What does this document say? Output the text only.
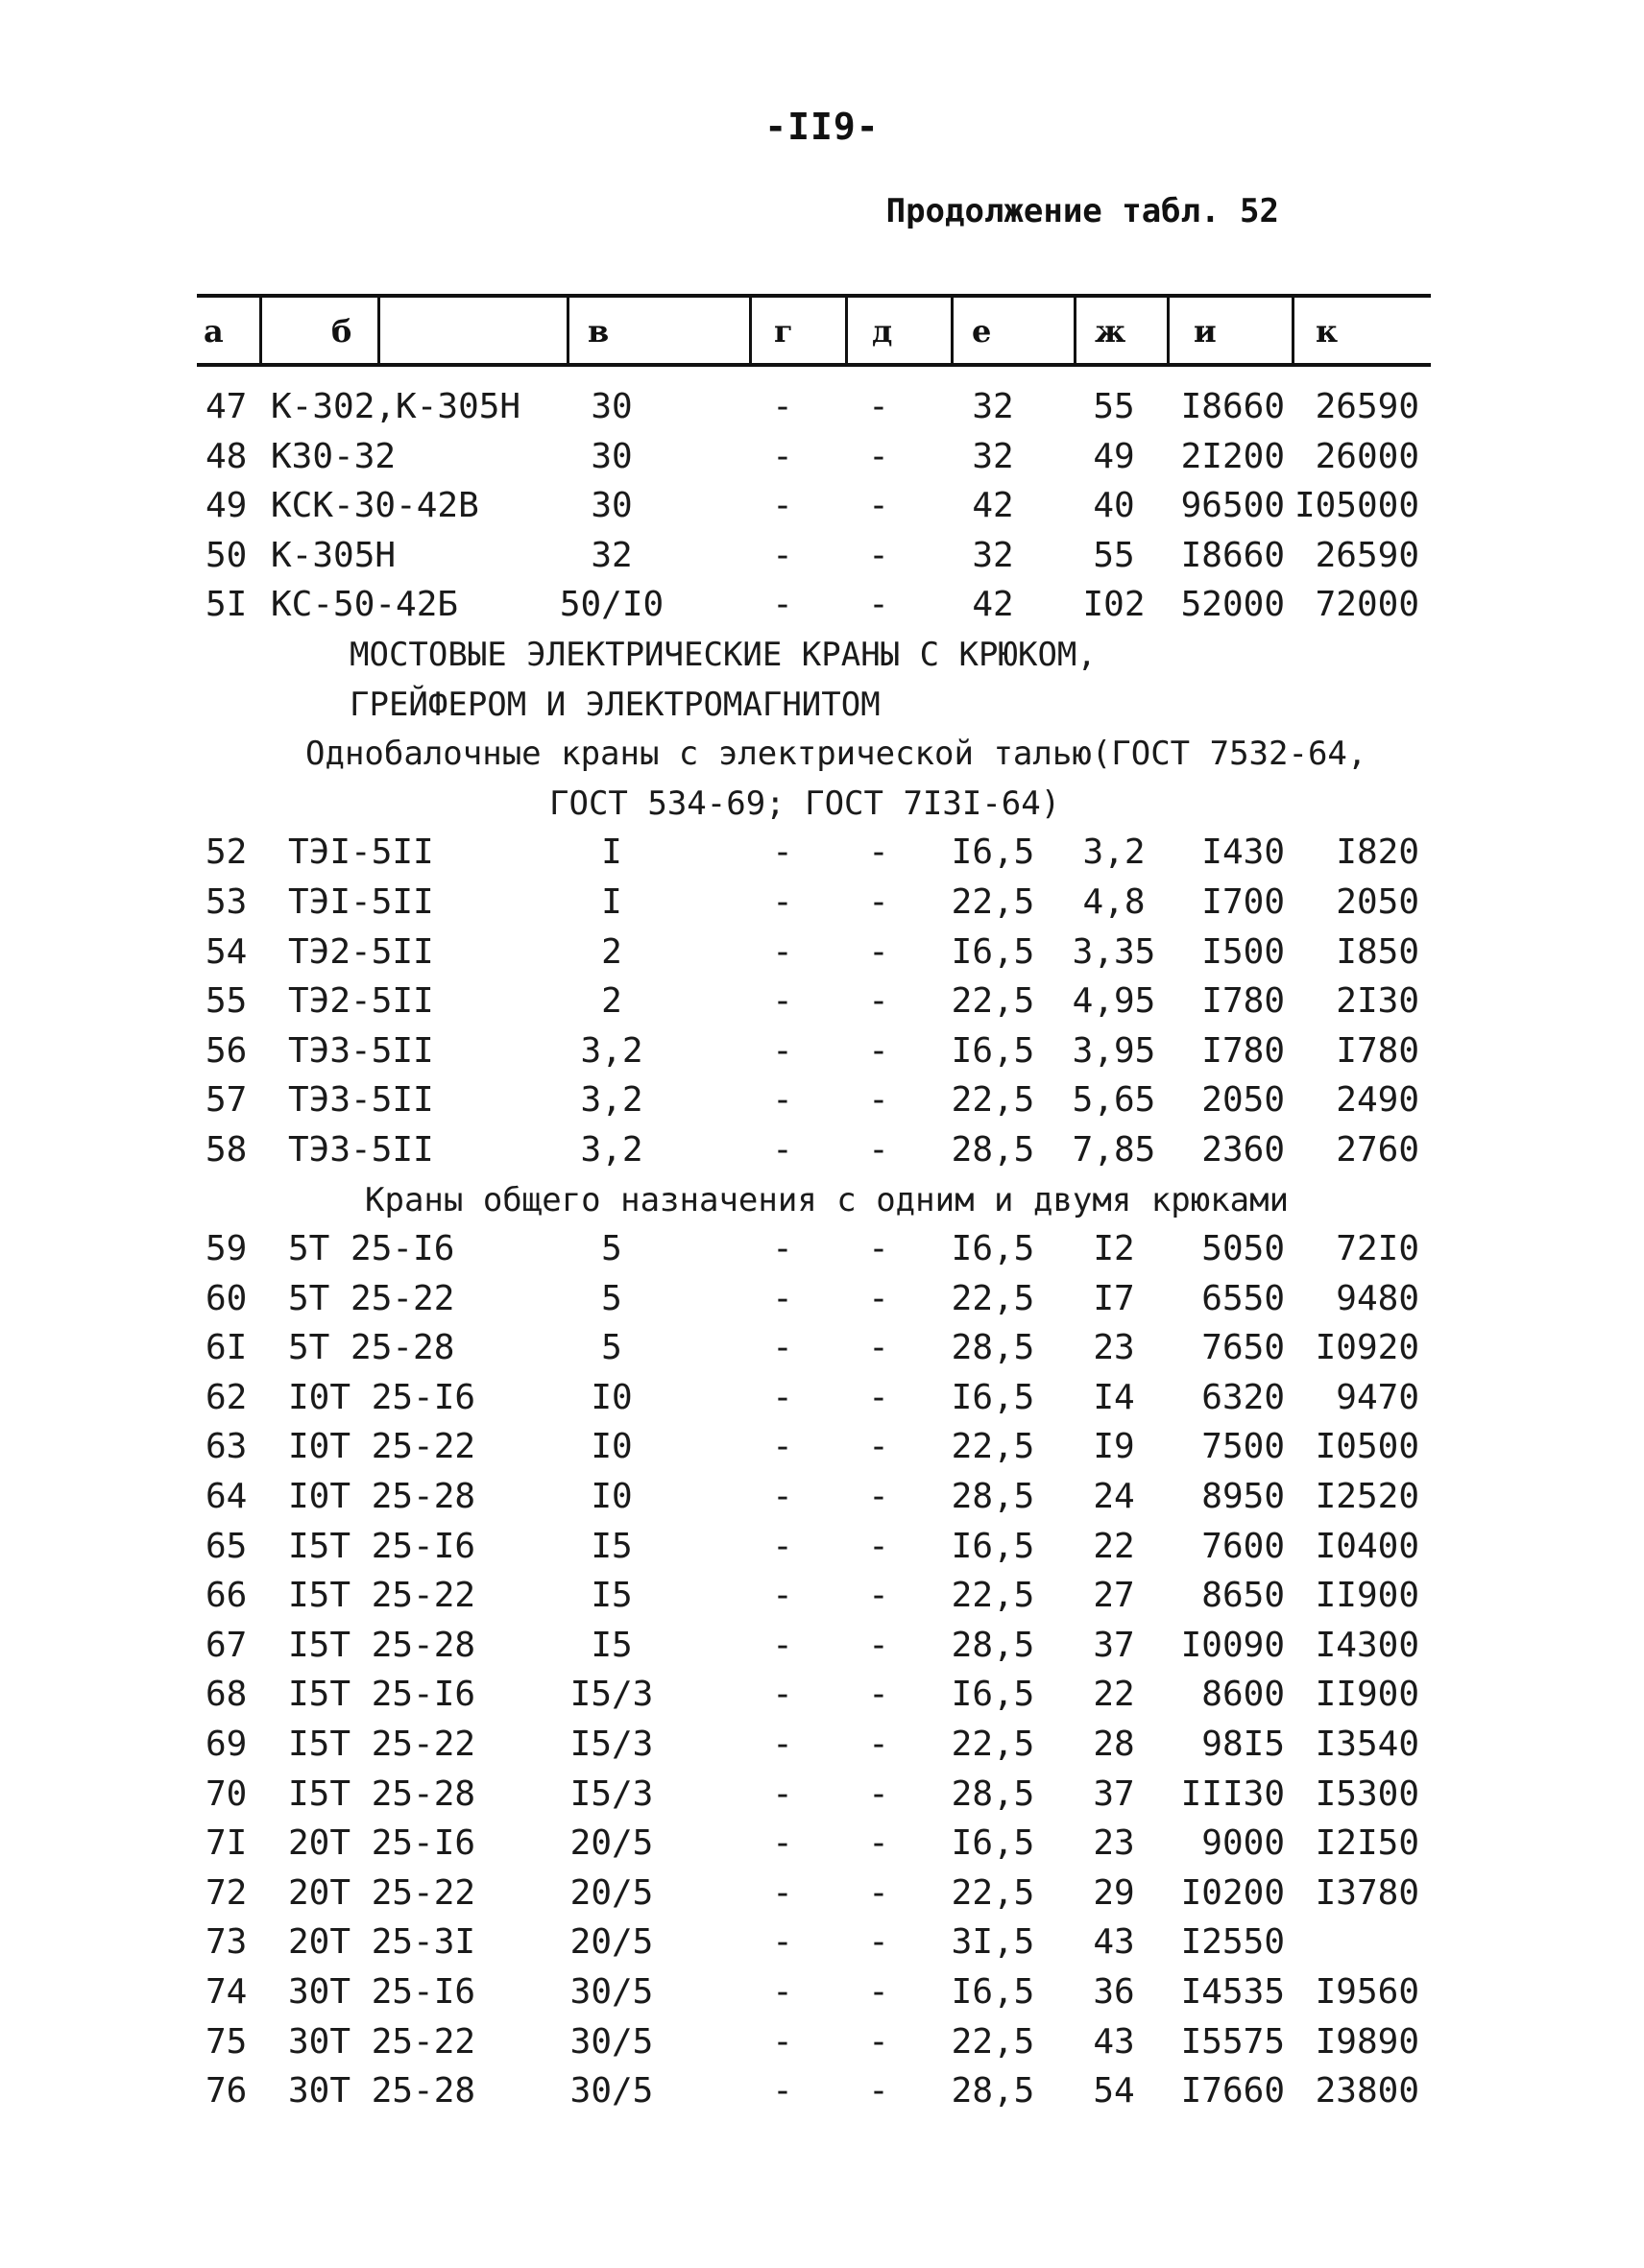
-II9-
Продолжение табл. 52
а	б	в	г	д	е	ж и	к
47 К-302,К-305Н	30	-	-	32	55	I8660 26590
48 К30-32	30	-	-	32	49	2I200 26000
49 КСК-30-42В	30	-	-	42	40	96500 I05000
50 К-305Н	32	-	-	32	55	I8660 26590
5I КС-50-42Б	50/I0	-	-	42	I02	52000 72000
МОСТОВЫЕ ЭЛЕКТРИЧЕСКИЕ КРАНЫ С КРЮКОМ,
ГРЕЙФЕРОМ И ЭЛЕКТРОМАГНИТОМ
Однобалочные краны с электрической талью(ГОСТ 7532-64,
ГОСТ 534-69; ГОСТ 7I3I-64)
52 ТЭI-5II	I	-	-	I6,5	3,2	I430	I820
53 ТЭI-5II	I	-	-	22,5	4,8	I700	2050
54 ТЭ2-5II	2	-	-	I6,5 3,35	I500	I850
55 ТЭ2-5II	2	-	-	22,5 4,95	I780	2I30
56 ТЭ3-5II	3,2	-	-	I6,5 3,95	I780	I780
57 ТЭ3-5II	3,2	-	-	22,5 5,65	2050	2490
58 ТЭ3-5II	3,2	-	-	28,5 7,85	2360	2760
Краны общего назначения с одним и двумя крюками
59 5Т 25-I6	5	-	-	I6,5	I2	5050	72I0
60 5Т 25-22	5	-	-	22,5	I7	6550	9480
6I 5Т 25-28	5	-	-	28,5	23	7650 I0920
62 I0Т 25-I6	I0	-	-	I6,5	I4	6320	9470
63 I0Т 25-22	I0	-	-	22,5	I9	7500 I0500
64 I0Т 25-28	I0	-	-	28,5	24	8950 I2520
65 I5Т 25-I6	I5	-	-	I6,5	22	7600 I0400
66 I5Т 25-22	I5	-	-	22,5	27	8650 II900
67 I5Т 25-28	I5	-	-	28,5	37	I0090 I4300
68 I5Т 25-I6	I5/3	-	-	I6,5	22	8600 II900
69 I5Т 25-22	I5/3	-	-	22,5	28	98I5 I3540
70 I5Т 25-28	I5/3	-	-	28,5	37	III30 I5300
7I 20Т 25-I6	20/5	-	-	I6,5	23	9000 I2I50
72 20Т 25-22	20/5	-	-	22,5	29	I0200 I3780
73 20Т 25-3I	20/5	-	-	3I,5	43	I2550
74 30Т 25-I6	30/5	-	-	I6,5	36	I4535 I9560
75 30Т 25-22	30/5	-	-	22,5	43	I5575 I9890
76 30Т 25-28	30/5	-	-	28,5	54	I7660 23800
